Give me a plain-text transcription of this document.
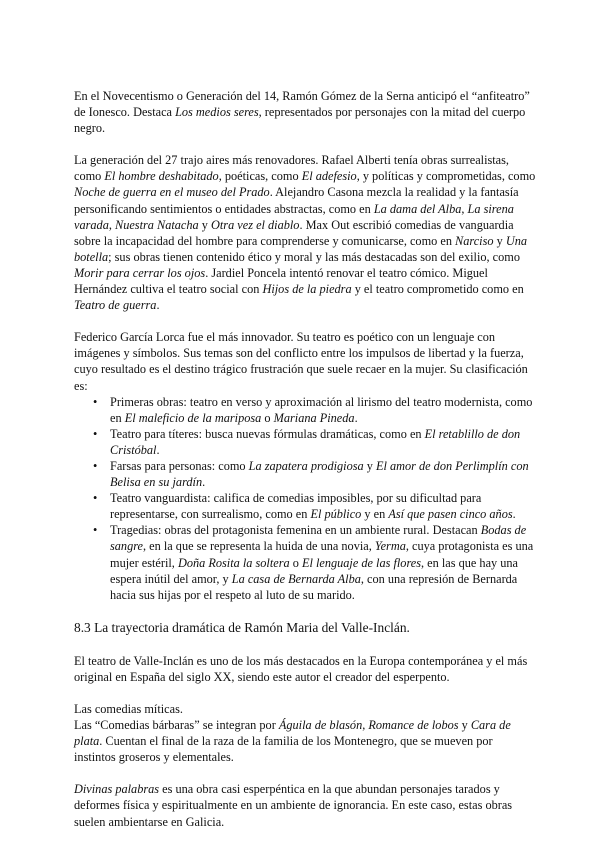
En el Novecentismo o Generación del 14, Ramón Gómez de la Serna anticipó el “anfiteatro” de Ionesco. Destaca Los medios seres, representados por personajes con la mitad del cuerpo negro.

La generación del 27 trajo aires más renovadores. Rafael Alberti tenía obras surrealistas, como El hombre deshabitado, poéticas, como El adefesio, y políticas y comprometidas, como Noche de guerra en el museo del Prado. Alejandro Casona mezcla la realidad y la fantasía personificando sentimientos o entidades abstractas, como en La dama del Alba, La sirena varada, Nuestra Natacha y Otra vez el diablo. Max Out escribió comedias de vanguardia sobre la incapacidad del hombre para comprenderse y comunicarse, como en Narciso y Una botella; sus obras tienen contenido ético y moral y las más destacadas son del exilio, como Morir para cerrar los ojos. Jardiel Poncela intentó renovar el teatro cómico. Miguel Hernández cultiva el teatro social con Hijos de la piedra y el teatro comprometido como en Teatro de guerra.

Federico García Lorca fue el más innovador. Su teatro es poético con un lenguaje con imágenes y símbolos. Sus temas son del conflicto entre los impulsos de libertad y la fuerza, cuyo resultado es el destino trágico frustración que suele recaer en la mujer. Su clasificación es:

• Primeras obras: teatro en verso y aproximación al lirismo del teatro modernista, como en El maleficio de la mariposa o Mariana Pineda.
• Teatro para títeres: busca nuevas fórmulas dramáticas, como en El retablillo de don Cristóbal.
• Farsas para personas: como La zapatera prodigiosa y El amor de don Perlimplín con Belisa en su jardín.
• Teatro vanguardista: califica de comedias imposibles, por su dificultad para representarse, con surrealismo, como en El público y en Así que pasen cinco años.
• Tragedias: obras del protagonista femenina en un ambiente rural. Destacan Bodas de sangre, en la que se representa la huida de una novia, Yerma, cuya protagonista es una mujer estéril, Doña Rosita la soltera o El lenguaje de las flores, en las que hay una espera inútil del amor, y La casa de Bernarda Alba, con una represión de Bernarda hacia sus hijas por el respeto al luto de su marido.

8.3 La trayectoria dramática de Ramón Maria del Valle-Inclán.

El teatro de Valle-Inclán es uno de los más destacados en la Europa contemporánea y el más original en España del siglo XX, siendo este autor el creador del esperpento.

Las comedias míticas.

Las “Comedias bárbaras” se integran por Águila de blasón, Romance de lobos y Cara de plata. Cuentan el final de la raza de la familia de los Montenegro, que se mueven por instintos groseros y elementales.

Divinas palabras es una obra casi esperpéntica en la que abundan personajes tarados y deformes física y espiritualmente en un ambiente de ignorancia. En este caso, estas obras suelen ambientarse en Galicia.
